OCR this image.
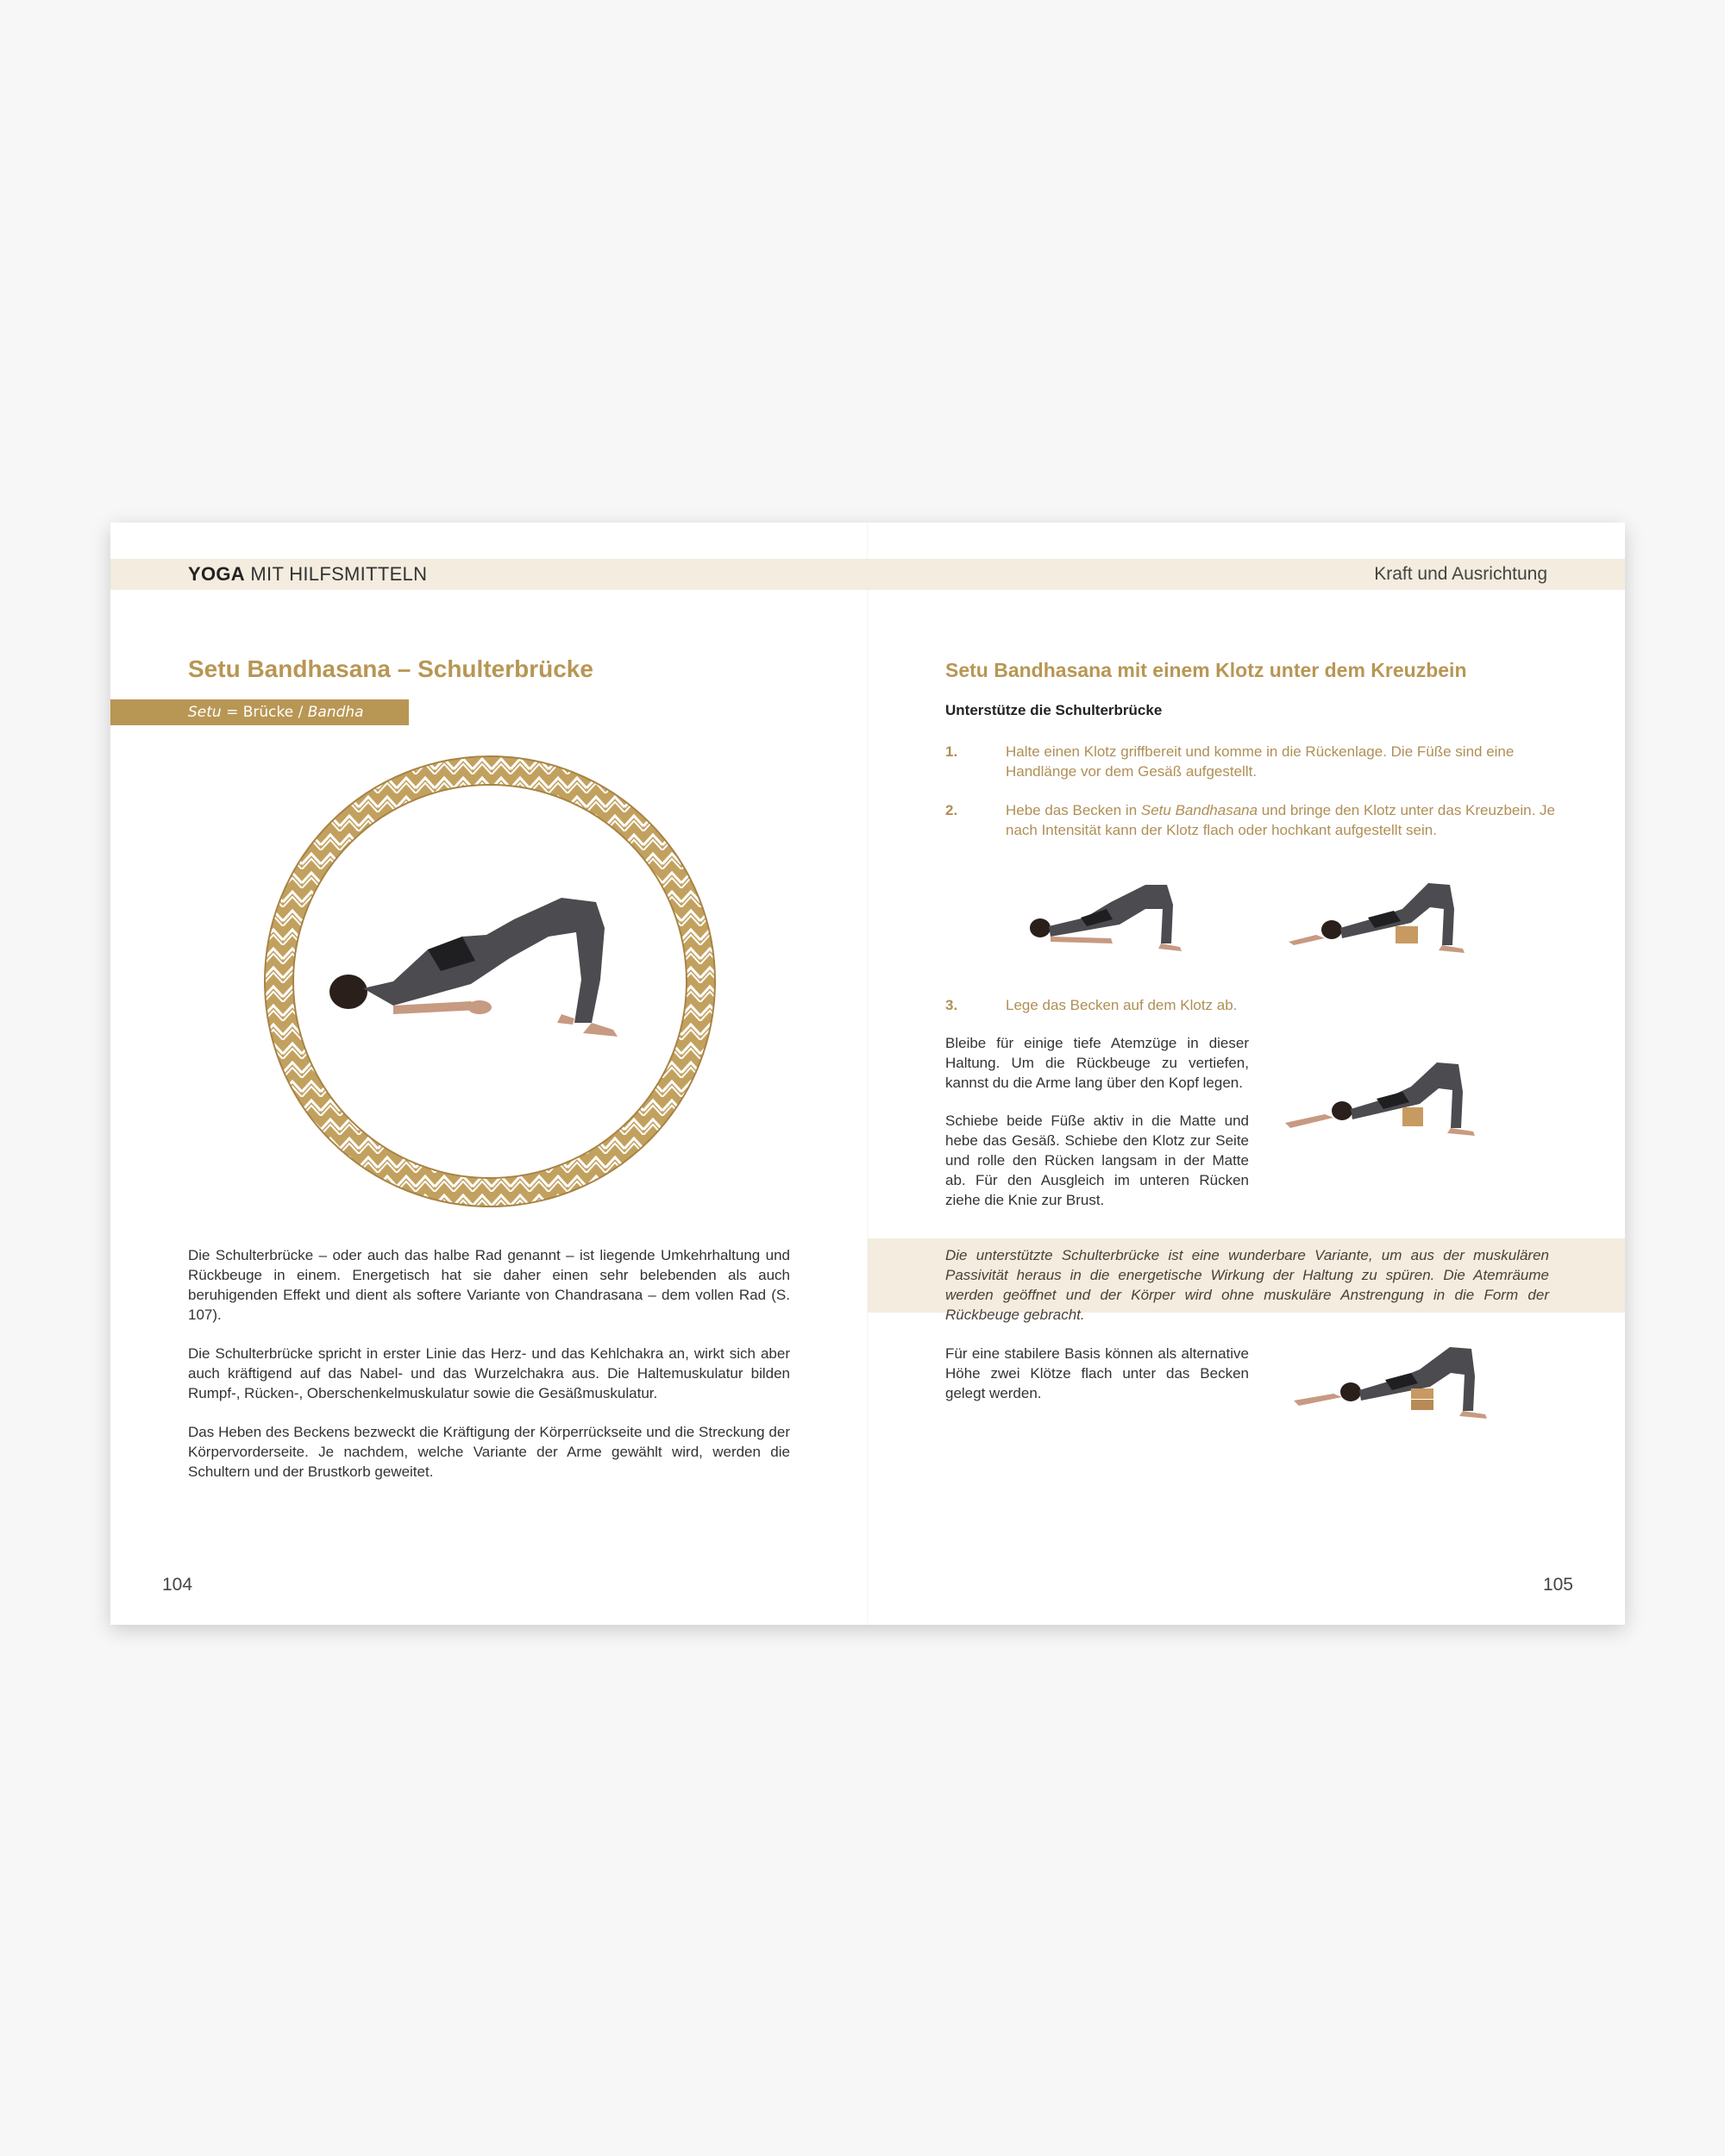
YOGA MIT HILFSMITTELN	Kraft und Ausrichtung
Setu Bandhasana – Schulterbrücke
Setu = Brücke / Bandha = Bau

Die Schulterbrücke – oder auch das halbe Rad genannt – ist liegende Umkehrhaltung und Rückbeuge in einem. Energetisch hat sie daher einen sehr belebenden als auch beruhigenden Effekt und dient als softere Variante von Chandrasana – dem vollen Rad (S. 107).

Die Schulterbrücke spricht in erster Linie das Herz- und das Kehlchakra an, wirkt sich aber auch kräftigend auf das Nabel- und das Wurzelchakra aus. Die Haltemuskulatur bilden Rumpf-, Rücken-, Oberschenkelmuskulatur sowie die Gesäßmuskulatur.

Das Heben des Beckens bezweckt die Kräftigung der Körperrückseite und die Streckung der Körpervorderseite. Je nachdem, welche Variante der Arme gewählt wird, werden die Schultern und der Brustkorb geweitet.

104
Setu Bandhasana mit einem Klotz unter dem Kreuzbein
Unterstütze die Schulterbrücke
1.	Halte einen Klotz griffbereit und komme in die Rückenlage. Die Füße sind eine Handlänge vor dem Gesäß aufgestellt.
2.	Hebe das Becken in Setu Bandhasana und bringe den Klotz unter das Kreuzbein. Je nach Intensität kann der Klotz flach oder hochkant aufgestellt sein.
3.	Lege das Becken auf dem Klotz ab.
Bleibe für einige tiefe Atemzüge in dieser Haltung. Um die Rückbeuge zu vertiefen, kannst du die Arme lang über den Kopf legen.
Schiebe beide Füße aktiv in die Matte und hebe das Gesäß. Schiebe den Klotz zur Seite und rolle den Rücken langsam in der Matte ab. Für den Ausgleich im unteren Rücken ziehe die Knie zur Brust.
Die unterstützte Schulterbrücke ist eine wunderbare Variante, um aus der muskulären Passivität heraus in die energetische Wirkung der Haltung zu spüren. Die Atemräume werden geöffnet und der Körper wird ohne muskuläre Anstrengung in die Form der Rückbeuge gebracht.
Für eine stabilere Basis können als alternative Höhe zwei Klötze flach unter das Becken gelegt werden.
105
